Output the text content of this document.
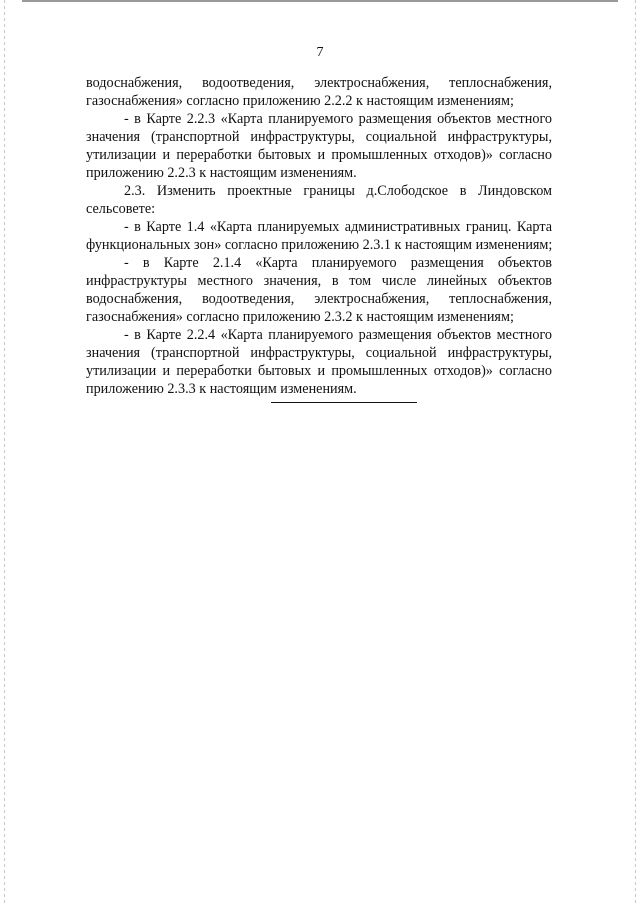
7
водоснабжения, водоотведения, электроснабжения, теплоснабжения,
газоснабжения» согласно приложению 2.2.2 к настоящим изменениям;
- в Карте 2.2.3 «Карта планируемого размещения объектов местного
значения (транспортной инфраструктуры, социальной инфраструктуры,
утилизации и переработки бытовых и промышленных отходов)» согласно
приложению 2.2.3 к настоящим изменениям.
2.3. Изменить проектные границы д.Слободское в Линдовском
сельсовете:
- в Карте 1.4 «Карта планируемых административных границ. Карта
функциональных зон» согласно приложению 2.3.1 к настоящим изменениям;
- в Карте 2.1.4 «Карта планируемого размещения объектов
инфраструктуры местного значения, в том числе линейных объектов
водоснабжения, водоотведения, электроснабжения, теплоснабжения,
газоснабжения» согласно приложению 2.3.2 к настоящим изменениям;
- в Карте 2.2.4 «Карта планируемого размещения объектов местного
значения (транспортной инфраструктуры, социальной инфраструктуры,
утилизации и переработки бытовых и промышленных отходов)» согласно
приложению 2.3.3 к настоящим изменениям.
